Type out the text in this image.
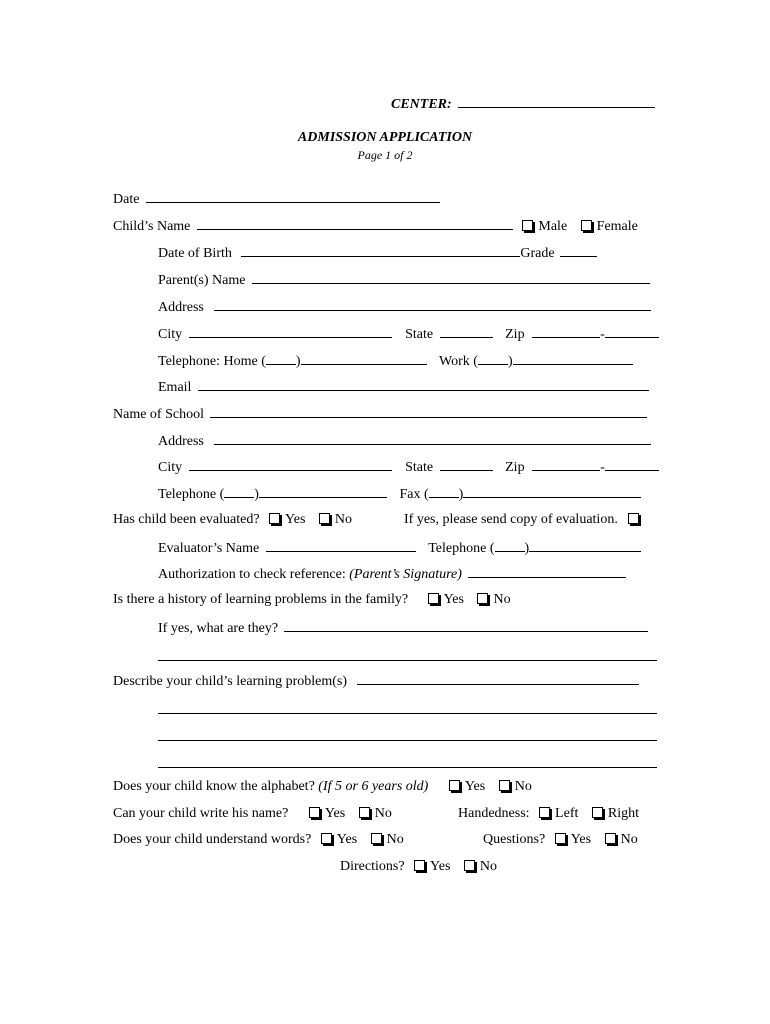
CENTER:
ADMISSION APPLICATION
Page 1 of 2
Date
Child’s Name	Male Female
Date of Birth	Grade
Parent(s) Name
Address
City	State	Zip	-
Telephone: Home ( )	Work ( )
Email
Name of School
Address
City	State	Zip	-
Telephone ( )	Fax ( )
Has child been evaluated? Yes No	If yes, please send copy of evaluation.
Evaluator’s Name	Telephone ( )
Authorization to check reference: (Parent’s Signature)
Is there a history of learning problems in the family?	Yes No
If yes, what are they?
Describe your child’s learning problem(s)
Does your child know the alphabet? (If 5 or 6 years old)	Yes No
Can your child write his name?	Yes No	Handedness: Left Right
Does your child understand words? Yes No	Questions? Yes No
Directions? Yes No
